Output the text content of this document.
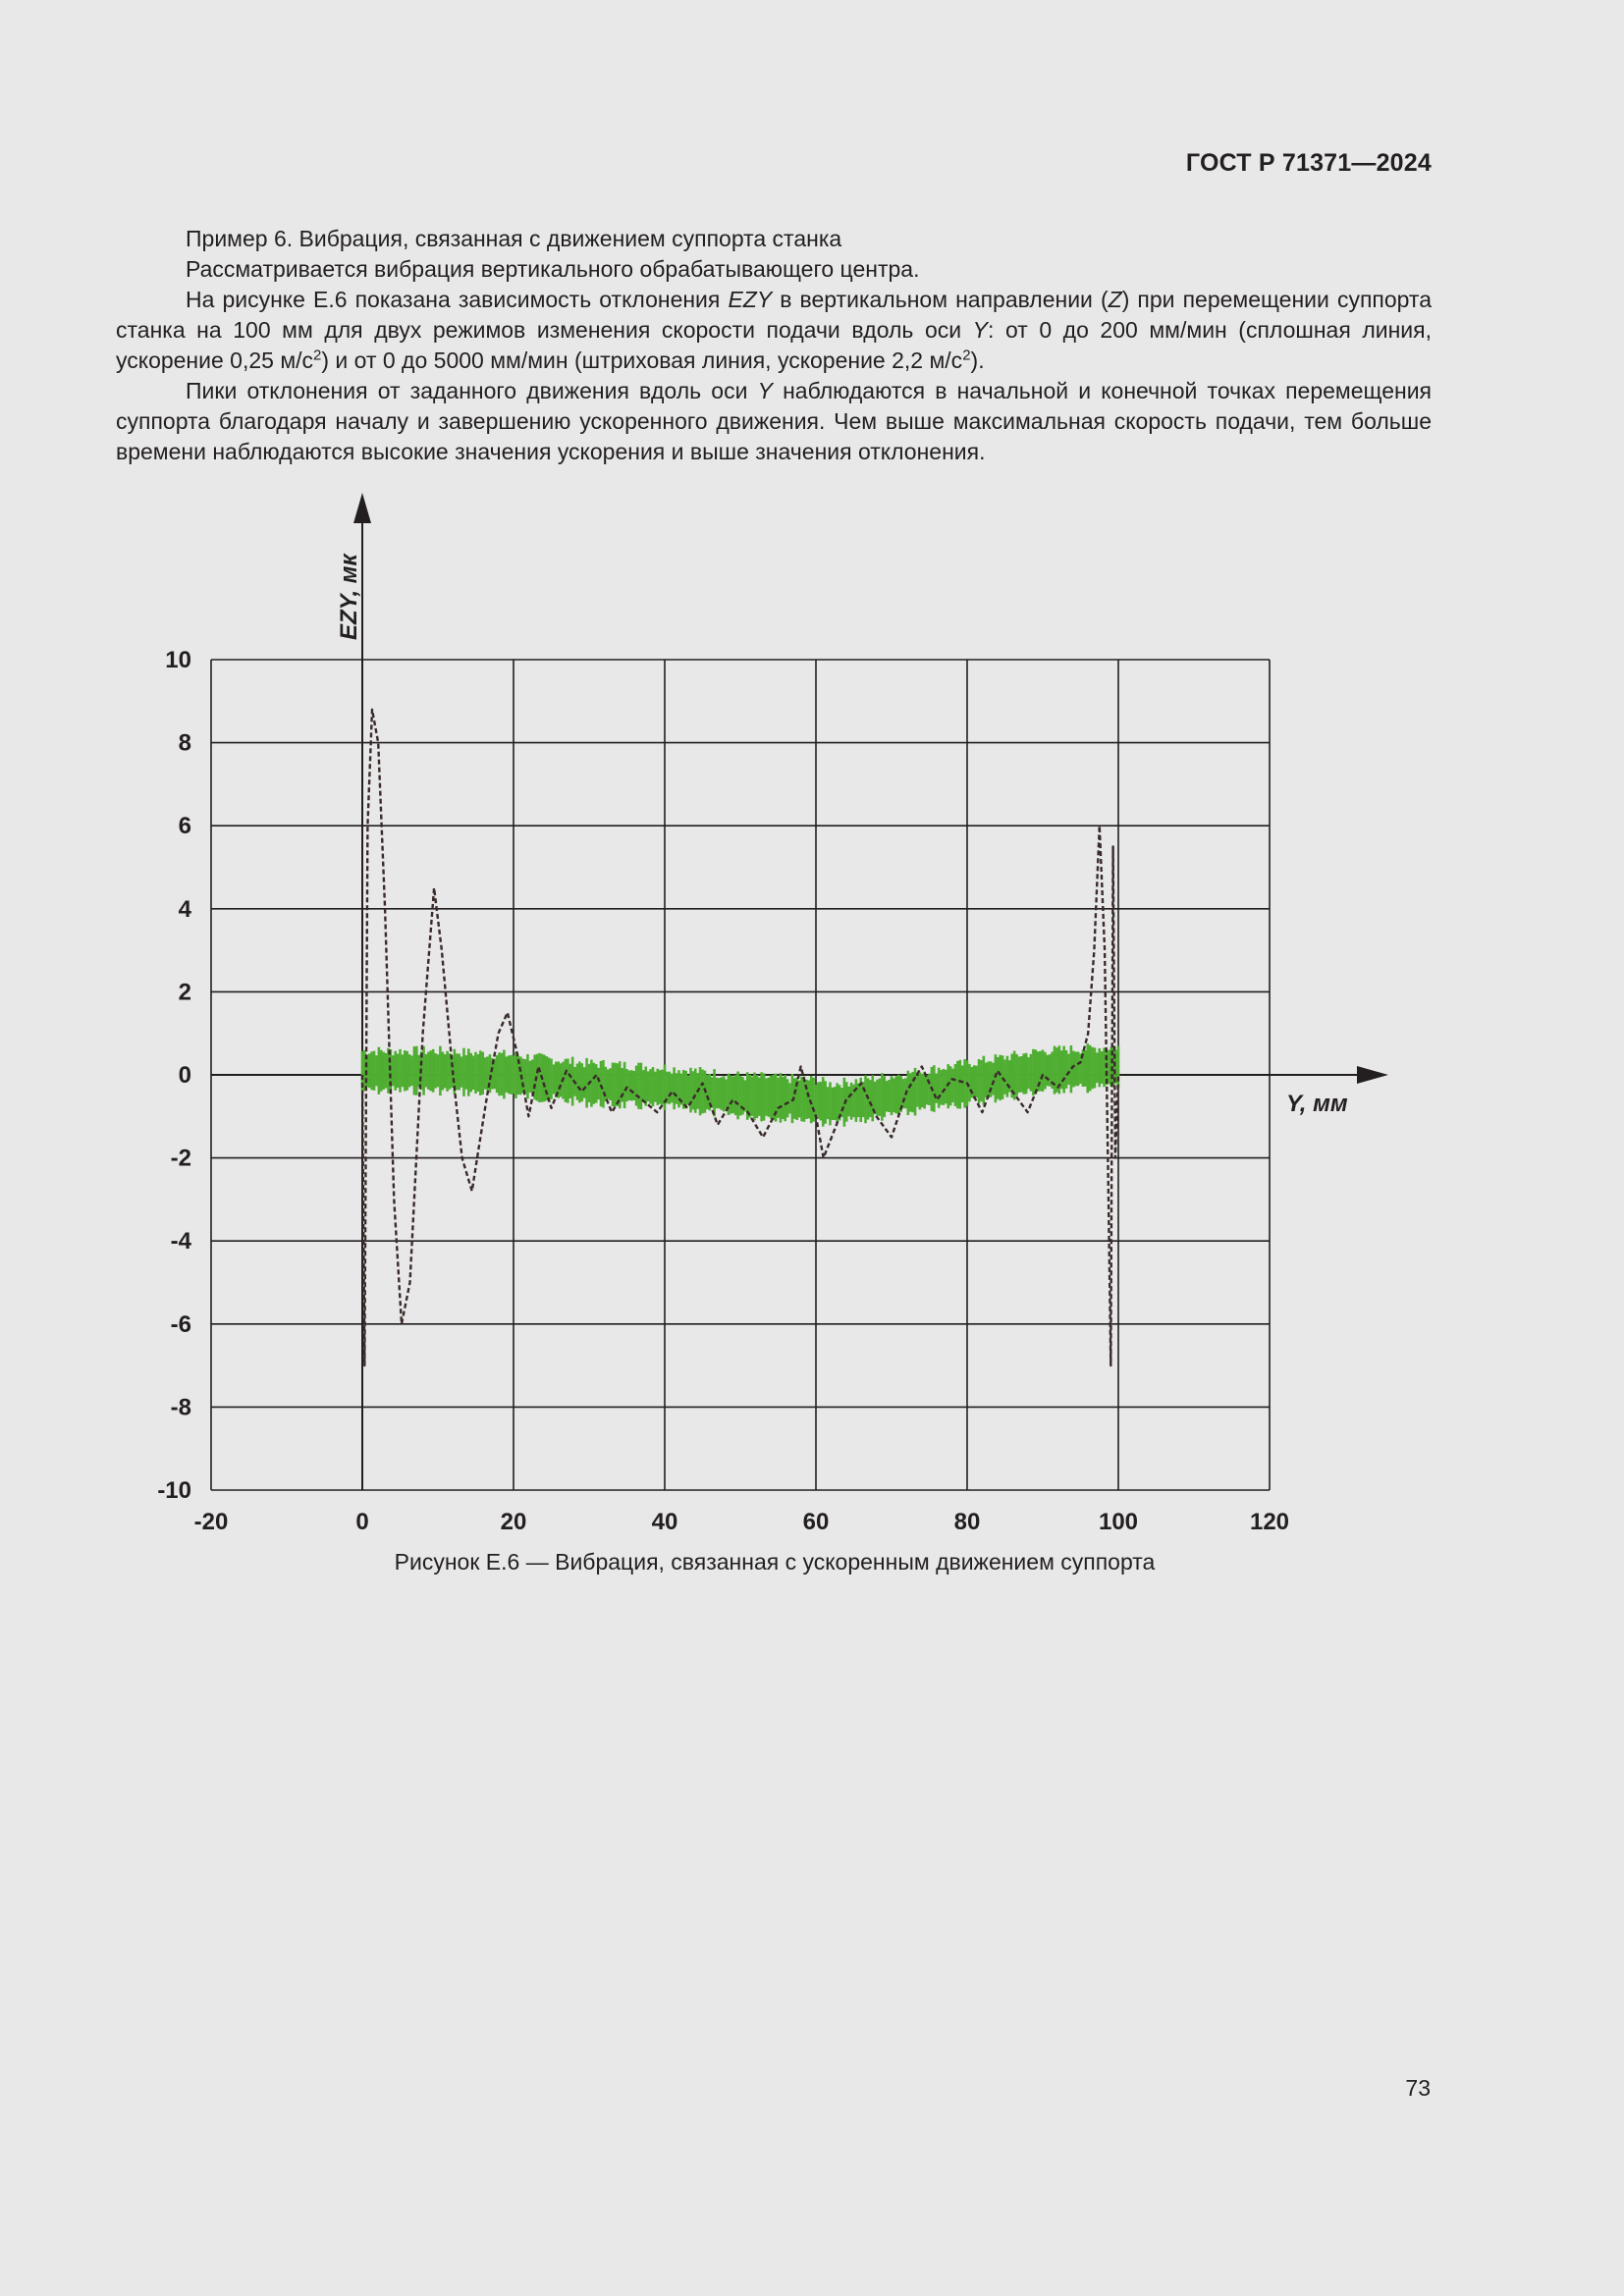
ГОСТ Р 71371—2024

Пример 6. Вибрация, связанная с движением суппорта станка

Рассматривается вибрация вертикального обрабатывающего центра.

На рисунке Е.6 показана зависимость отклонения EZY в вертикальном направлении (Z) при перемещении суппорта станка на 100 мм для двух режимов изменения скорости подачи вдоль оси Y: от 0 до 200 мм/мин (сплошная линия, ускорение 0,25 $м/с^2$) и от 0 до 5000 мм/мин (штриховая линия, ускорение 2,2 $м/с^2$).

Пики отклонения от заданного движения вдоль оси Y наблюдаются в начальной и конечной точках перемещения суппорта благодаря началу и завершению ускоренного движения. Чем выше максимальная скорость подачи, тем больше времени наблюдаются высокие значения ускорения и выше значения отклонения.

-20	0	20	40	60	80	100	120
10
8
6
4
2
0
-2
-4
-6
-8
-10
EZY, мк
Y, мм
Рисунок Е.6 — Вибрация, связанная с ускоренным движением суппорта
73
